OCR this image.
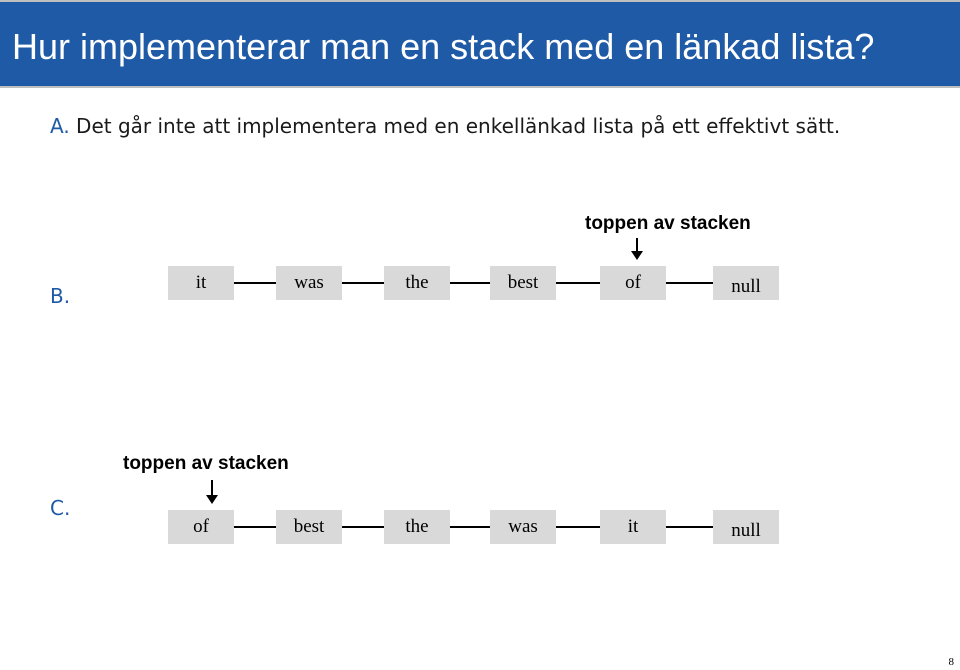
Hur implementerar man en stack med en länkad lista?
A. Det går inte att implementera med en enkellänkad lista på ett effektivt sätt.
toppen av stacken
B.
it	was	the	best	of	null
toppen av stacken
C.
of	best	the	was	it	null
8
